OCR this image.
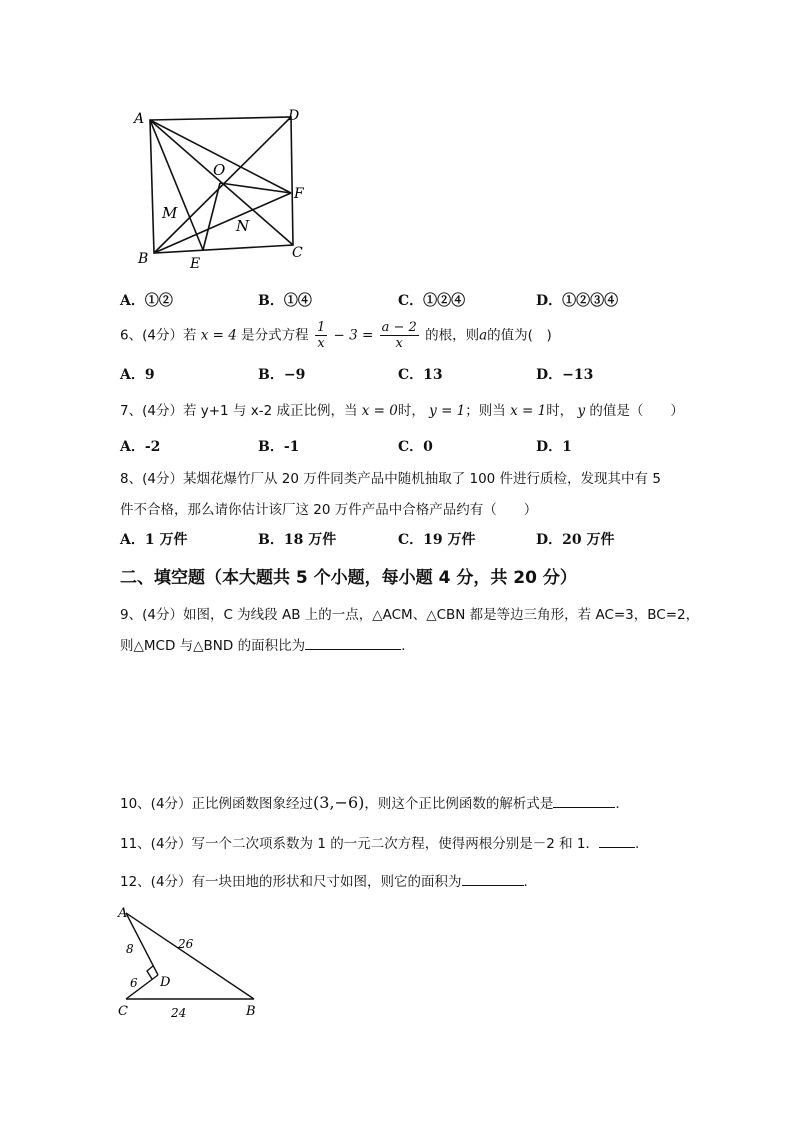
A	D
O
F
M
N
B	E
C
A．①②	B．①④	C．①②④	D．①②③④
6、(4分）若 x = 4 是分式方程 $\frac{1}{x} - 3 = \frac{a - 2}{x}$ 的根，则a的值为(　)
A．9	B．−9	C．13	D．−13
7、(4分）若 y+1 与 x-2 成正比例，当 x = 0时， y = 1；则当 x = 1时， y 的值是（　　）
A．-2	B．-1	C．0	D．1
8、(4分）某烟花爆竹厂从 20 万件同类产品中随机抽取了 100 件进行质检，发现其中有 5
件不合格，那么请你估计该厂这 20 万件产品中合格产品约有（　　）
A．1 万件	B．18 万件	C．19 万件	D．20 万件
二、填空题（本大题共 5 个小题，每小题 4 分，共 20 分）
9、(4分）如图，C 为线段 AB 上的一点，△ACM、△CBN 都是等边三角形，若 AC=3，BC=2，
则△MCD 与△BND 的面积比为	.
10、(4分）正比例函数图象经过(3,−6)，则这个正比例函数的解析式是	.
11、(4分）写一个二次项系数为 1 的一元二次方程，使得两根分别是－2 和 1．	.
12、(4分）有一块田地的形状和尺寸如图，则它的面积为	.
A
D
C	B
8	26
6
24
